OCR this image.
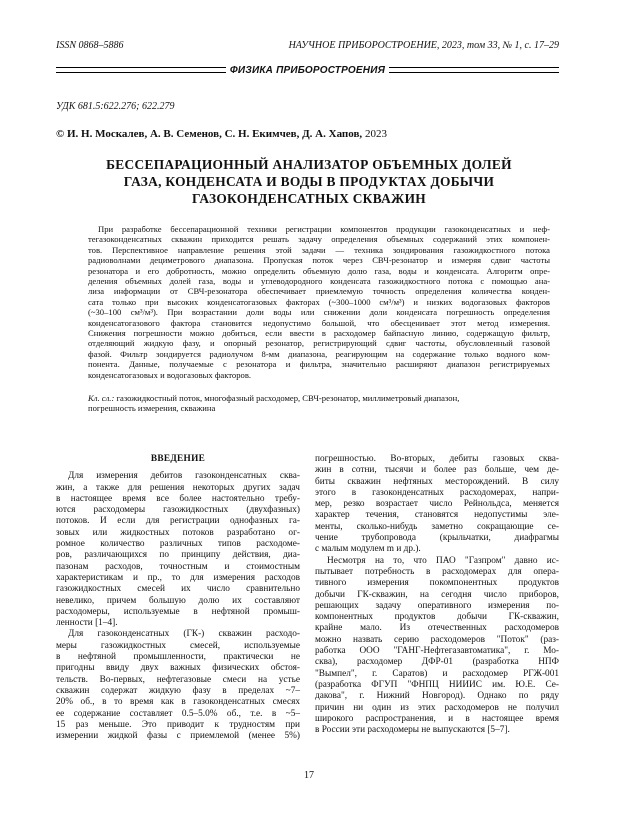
ISSN 0868–5886	НАУЧНОЕ ПРИБОРОСТРОЕНИЕ, 2023, том 33, № 1, с. 17–29
ФИЗИКА ПРИБОРОСТРОЕНИЯ
УДК 681.5:622.276; 622.279
© И. Н. Москалев, А. В. Семенов, С. Н. Екимчев, Д. А. Хапов, 2023
БЕССЕПАРАЦИОННЫЙ АНАЛИЗАТОР ОБЪЕМНЫХ ДОЛЕЙ
ГАЗА, КОНДЕНСАТА И ВОДЫ В ПРОДУКТАХ ДОБЫЧИ
ГАЗОКОНДЕНСАТНЫХ СКВАЖИН
При разработке бессепарационной техники регистрации компонентов продукции газоконденсатных и неф-
тегазоконденсатных скважин приходится решать задачу определения объемных содержаний этих компонен-
тов. Перспективное направление решения этой задачи — техника зондирования газожидкостного потока
радиоволнами дециметрового диапазона. Пропуская поток через СВЧ-резонатор и измеряя сдвиг частоты
резонатора и его добротность, можно определить объемную долю газа, воды и конденсата. Алгоритм опре-
деления объемных долей газа, воды и углеводородного конденсата газожидкостного потока с помощью ана-
лиза информации от СВЧ-резонатора обеспечивает приемлемую точность определения количества конден-
сата только при высоких конденсатогазовых факторах (~300–1000 см³/м³) и низких водогазовых факторов
(~30–100 см³/м³). При возрастании доли воды или снижении доли конденсата погрешность определения
конденсатогазового фактора становится недопустимо большой, что обесценивает этот метод измерения.
Снижения погрешности можно добиться, если ввести в расходомер байпасную линию, содержащую фильтр,
отделяющий жидкую фазу, и опорный резонатор, регистрирующий сдвиг частоты, обусловленный газовой
фазой. Фильтр зондируется радиолучом 8-мм диапазона, реагирующим на содержание только водного ком-
понента. Данные, получаемые с резонатора и фильтра, значительно расширяют диапазон регистрируемых
конденсатогазовых и водогазовых факторов.
Кл. сл.: газожидкостный поток, многофазный расходомер, СВЧ-резонатор, миллиметровый диапазон,
погрешность измерения, скважина
ВВЕДЕНИЕ
Для измерения дебитов газоконденсатных сква-
жин, а также для решения некоторых других задач
в настоящее время все более настоятельно требу-
ются расходомеры газожидкостных (двухфазных)
потоков. И если для регистрации однофазных га-
зовых или жидкостных потоков разработано ог-
ромное количество различных типов расходоме-
ров, различающихся по принципу действия, диа-
пазонам расходов, точностным и стоимостным
характеристикам и пр., то для измерения расходов
газожидкостных смесей их число сравнительно
невелико, причем большую долю их составляют
расходомеры, используемые в нефтяной промыш-
ленности [1–4].
Для газоконденсатных (ГК-) скважин расходо-
меры газожидкостных смесей, используемые
в нефтяной промышленности, практически не
пригодны ввиду двух важных физических обстоя-
тельств. Во-первых, нефтегазовые смеси на устье
скважин содержат жидкую фазу в пределах ~7–
20% об., в то время как в газоконденсатных смесях
ее содержание составляет 0.5–5.0% об., т.е. в ~5–
15 раз меньше. Это приводит к трудностям при
измерении жидкой фазы с приемлемой (менее 5%)
погрешностью. Во-вторых, дебиты газовых сква-
жин в сотни, тысячи и более раз больше, чем де-
биты скважин нефтяных месторождений. В силу
этого в газоконденсатных расходомерах, напри-
мер, резко возрастает число Рейнольдса, меняется
характер течения, становятся недопустимы эле-
менты, сколько-нибудь заметно сокращающие се-
чение трубопровода (крыльчатки, диафрагмы
с малым модулем m и др.).
Несмотря на то, что ПАО "Газпром" давно ис-
пытывает потребность в расходомерах для опера-
тивного измерения покомпонентных продуктов
добычи ГК-скважин, на сегодня число приборов,
решающих задачу оперативного измерения по-
компонентных продуктов добычи ГК-скважин,
крайне мало. Из отечественных расходомеров
можно назвать серию расходомеров "Поток" (раз-
работка ООО "ГАНГ-Нефтегазавтоматика", г. Мо-
сква), расходомер ДФР-01 (разработка НПФ
"Вымпел", г. Саратов) и расходомер РГЖ-001
(разработка ФГУП "ФНПЦ НИИИС им. Ю.Е. Се-
дакова", г. Нижний Новгород). Однако по ряду
причин ни один из этих расходомеров не получил
широкого распространения, и в настоящее время
в России эти расходомеры не выпускаются [5–7].
17
